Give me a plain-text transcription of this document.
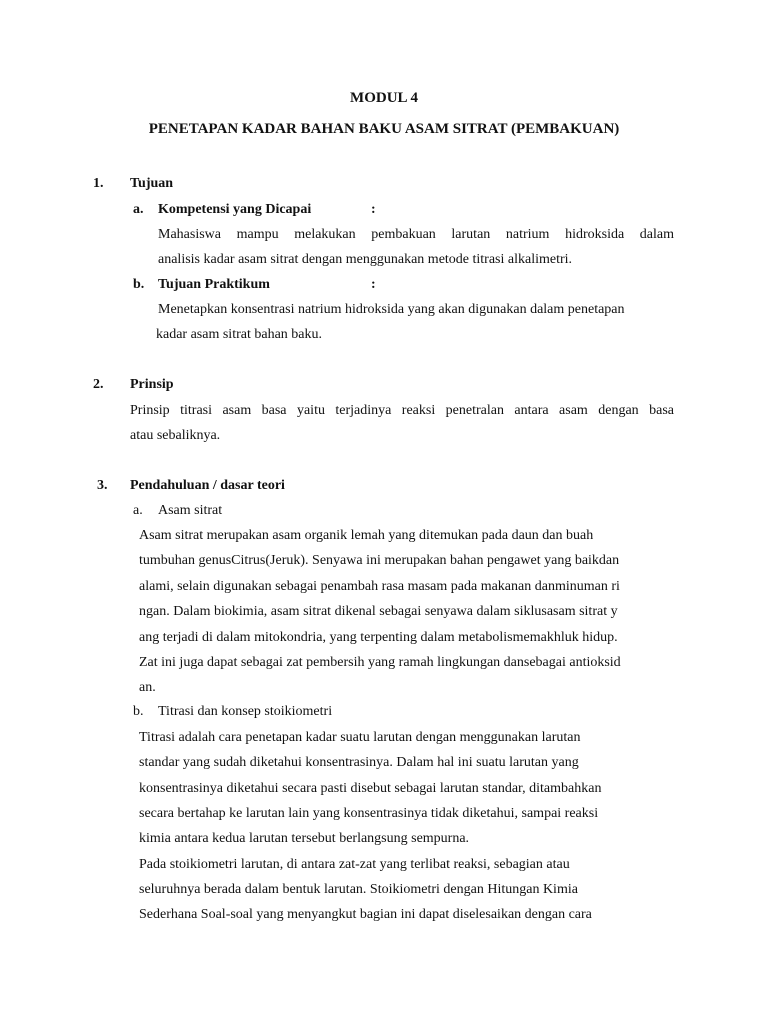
MODUL 4
PENETAPAN KADAR BAHAN BAKU ASAM SITRAT (PEMBAKUAN)
1. Tujuan
a. Kompetensi yang Dicapai	:
Mahasiswa mampu melakukan pembakuan larutan natrium hidroksida dalam
analisis kadar asam sitrat dengan menggunakan metode titrasi alkalimetri.
b. Tujuan Praktikum	:
Menetapkan konsentrasi natrium hidroksida yang akan digunakan dalam penetapan
kadar asam sitrat bahan baku.
2. Prinsip
Prinsip titrasi asam basa yaitu terjadinya reaksi penetralan antara asam dengan basa
atau sebaliknya.
3. Pendahuluan / dasar teori
a. Asam sitrat
Asam sitrat merupakan asam organik lemah yang ditemukan pada daun dan buah
tumbuhan genusCitrus(Jeruk). Senyawa ini merupakan bahan pengawet yang baikdan
alami, selain digunakan sebagai penambah rasa masam pada makanan danminuman ri
ngan. Dalam biokimia, asam sitrat dikenal sebagai senyawa dalam siklusasam sitrat y
ang terjadi di dalam mitokondria, yang terpenting dalam metabolismemakhluk hidup.
Zat ini juga dapat sebagai zat pembersih yang ramah lingkungan dansebagai antioksid
an.
b. Titrasi dan konsep stoikiometri
Titrasi adalah cara penetapan kadar suatu larutan dengan menggunakan larutan
standar yang sudah diketahui konsentrasinya. Dalam hal ini suatu larutan yang
konsentrasinya diketahui secara pasti disebut sebagai larutan standar, ditambahkan
secara bertahap ke larutan lain yang konsentrasinya tidak diketahui, sampai reaksi
kimia antara kedua larutan tersebut berlangsung sempurna.
Pada stoikiometri larutan, di antara zat-zat yang terlibat reaksi, sebagian atau
seluruhnya berada dalam bentuk larutan. Stoikiometri dengan Hitungan Kimia
Sederhana Soal-soal yang menyangkut bagian ini dapat diselesaikan dengan cara
